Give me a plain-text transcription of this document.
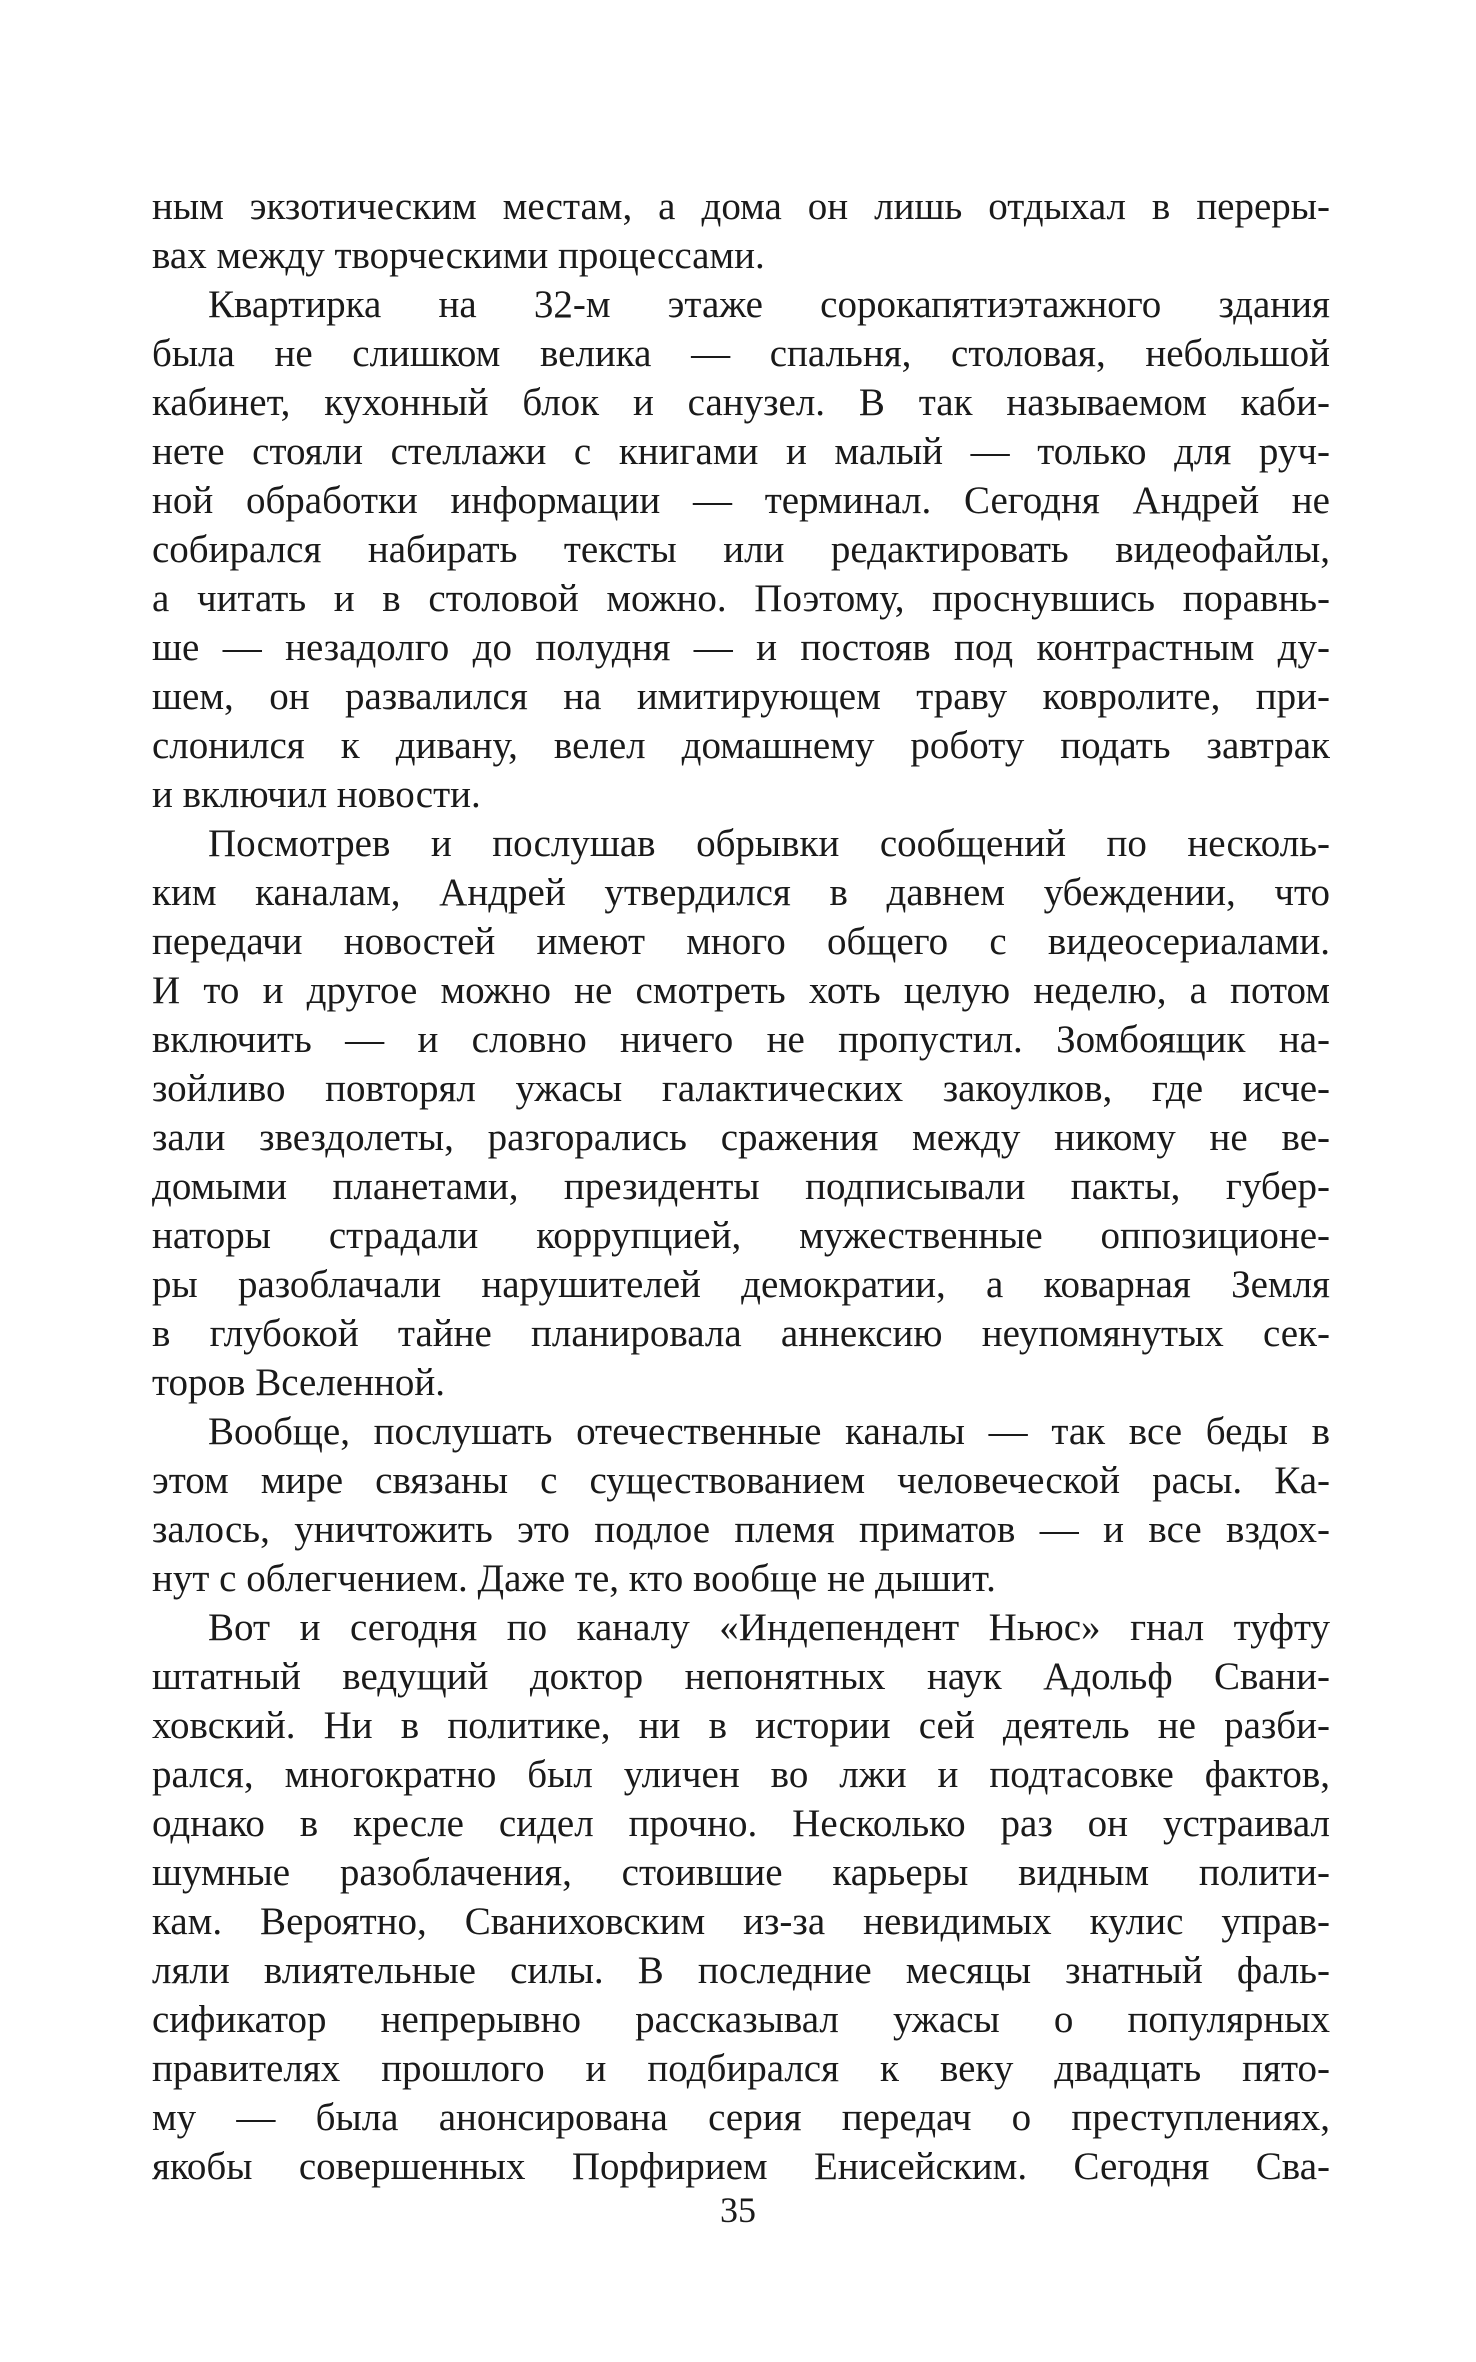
ным экзотическим местам, а дома он лишь отдыхал в переры-
вах между творческими процессами.
Квартирка на 32-м этаже сорокапятиэтажного здания
была не слишком велика — спальня, столовая, небольшой
кабинет, кухонный блок и санузел. В так называемом каби-
нете стояли стеллажи с книгами и малый — только для руч-
ной обработки информации — терминал. Сегодня Андрей не
собирался набирать тексты или редактировать видеофайлы,
а читать и в столовой можно. Поэтому, проснувшись поравнь-
ше — незадолго до полудня — и постояв под контрастным ду-
шем, он развалился на имитирующем траву ковролите, при-
слонился к дивану, велел домашнему роботу подать завтрак
и включил новости.
Посмотрев и послушав обрывки сообщений по несколь-
ким каналам, Андрей утвердился в давнем убеждении, что
передачи новостей имеют много общего с видеосериалами.
И то и другое можно не смотреть хоть целую неделю, а потом
включить — и словно ничего не пропустил. Зомбоящик на-
зойливо повторял ужасы галактических закоулков, где исче-
зали звездолеты, разгорались сражения между никому не ве-
домыми планетами, президенты подписывали пакты, губер-
наторы страдали коррупцией, мужественные оппозиционе-
ры разоблачали нарушителей демократии, а коварная Земля
в глубокой тайне планировала аннексию неупомянутых сек-
торов Вселенной.
Вообще, послушать отечественные каналы — так все беды в
этом мире связаны с существованием человеческой расы. Ка-
залось, уничтожить это подлое племя приматов — и все вздох-
нут с облегчением. Даже те, кто вообще не дышит.
Вот и сегодня по каналу «Индепендент Ньюс» гнал туфту
штатный ведущий доктор непонятных наук Адольф Свани-
ховский. Ни в политике, ни в истории сей деятель не разби-
рался, многократно был уличен во лжи и подтасовке фактов,
однако в кресле сидел прочно. Несколько раз он устраивал
шумные разоблачения, стоившие карьеры видным полити-
кам. Вероятно, Сваниховским из-за невидимых кулис управ-
ляли влиятельные силы. В последние месяцы знатный фаль-
сификатор непрерывно рассказывал ужасы о популярных
правителях прошлого и подбирался к веку двадцать пято-
му — была анонсирована серия передач о преступлениях,
якобы совершенных Порфирием Енисейским. Сегодня Сва-
35
